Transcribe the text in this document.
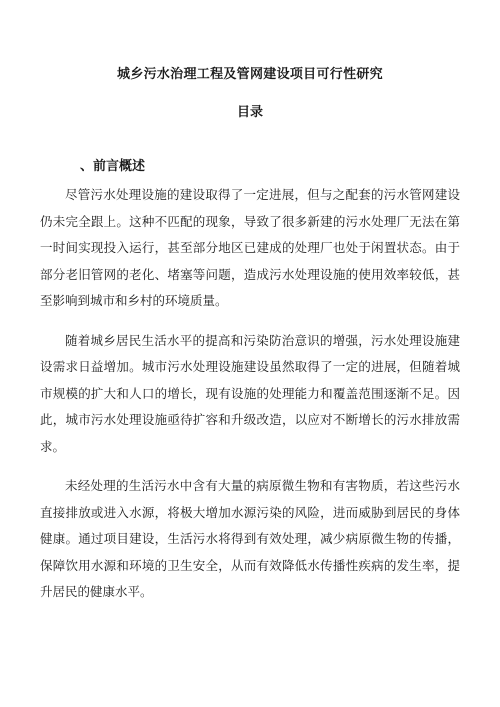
城乡污水治理工程及管网建设项目可行性研究
目录
、前言概述

尽管污水处理设施的建设取得了一定进展，但与之配套的污水管网建设仍未完全跟上。这种不匹配的现象，导致了很多新建的污水处理厂无法在第一时间实现投入运行，甚至部分地区已建成的处理厂也处于闲置状态。由于部分老旧管网的老化、堵塞等问题，造成污水处理设施的使用效率较低，甚至影响到城市和乡村的环境质量。

随着城乡居民生活水平的提高和污染防治意识的增强，污水处理设施建设需求日益增加。城市污水处理设施建设虽然取得了一定的进展，但随着城市规模的扩大和人口的增长，现有设施的处理能力和覆盖范围逐渐不足。因此，城市污水处理设施亟待扩容和升级改造，以应对不断增长的污水排放需求。

未经处理的生活污水中含有大量的病原微生物和有害物质，若这些污水直接排放或进入水源，将极大增加水源污染的风险，进而威胁到居民的身体健康。通过项目建设，生活污水将得到有效处理，减少病原微生物的传播，保障饮用水源和环境的卫生安全，从而有效降低水传播性疾病的发生率，提升居民的健康水平。
